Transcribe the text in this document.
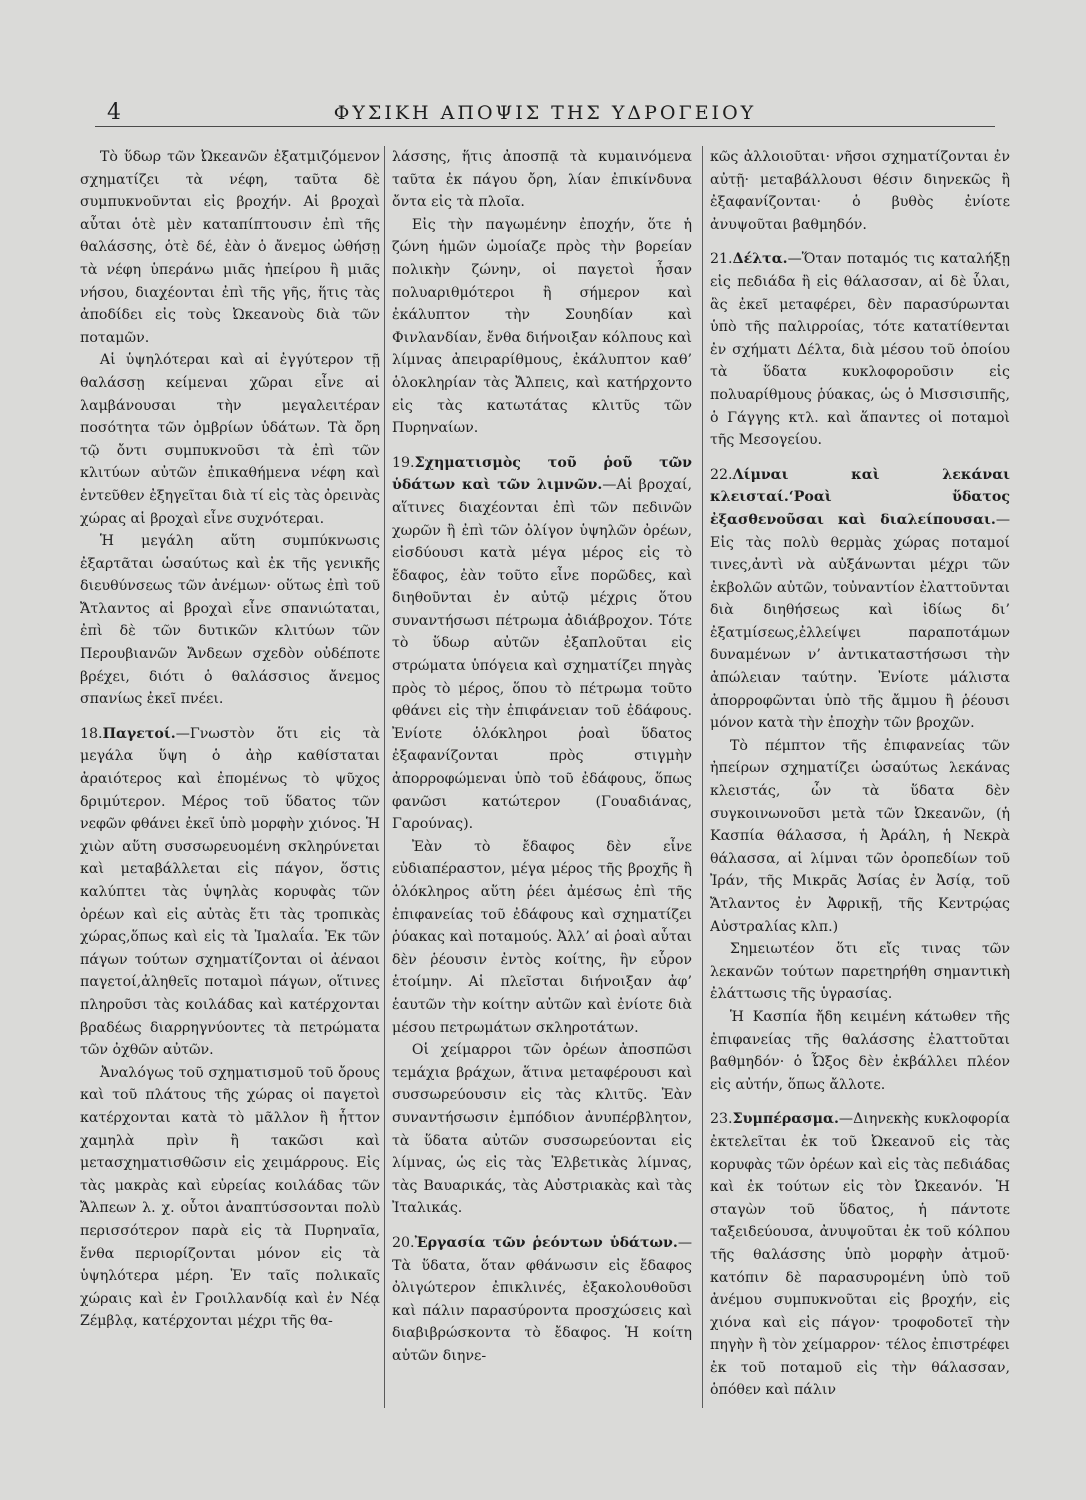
4	ΦΥΣΙΚΗ ΑΠΟΨΙΣ ΤΗΣ ΥΔΡΟΓΕΙΟΥ

Τὸ ὕδωρ τῶν Ὠκεανῶν ἐξατμιζόμενον σχηματίζει τὰ νέφη, ταῦτα δὲ συμπυκνοῦνται εἰς βροχήν. Αἱ βροχαὶ αὗται ὁτὲ μὲν καταπίπτουσιν ἐπὶ τῆς θαλάσσης, ὁτὲ δέ, ἐὰν ὁ ἄνεμος ὠθήσῃ τὰ νέφη ὑπεράνω μιᾶς ἠπείρου ἢ μιᾶς νήσου, διαχέονται ἐπὶ τῆς γῆς, ἥτις τὰς ἀποδίδει εἰς τοὺς Ὠκεανοὺς διὰ τῶν ποταμῶν.

Αἱ ὑψηλότεραι καὶ αἱ ἐγγύτερον τῇ θαλάσσῃ κείμεναι χῶραι εἶνε αἱ λαμβάνουσαι τὴν μεγαλειτέραν ποσότητα τῶν ὀμβρίων ὑδάτων. Τὰ ὄρη τῷ ὄντι συμπυκνοῦσι τὰ ἐπὶ τῶν κλιτύων αὐτῶν ἐπικαθήμενα νέφη καὶ ἐντεῦθεν ἐξηγεῖται διὰ τί εἰς τὰς ὀρεινὰς χώρας αἱ βροχαὶ εἶνε συχνότεραι.

Ἡ μεγάλη αὕτη συμπύκνωσις ἐξαρτᾶται ὡσαύτως καὶ ἐκ τῆς γενικῆς διευθύνσεως τῶν ἀνέμων· οὕτως ἐπὶ τοῦ Ἄτλαντος αἱ βροχαὶ εἶνε σπανιώταται, ἐπὶ δὲ τῶν δυτικῶν κλιτύων τῶν Περουβιανῶν Ἄνδεων σχεδὸν οὐδέποτε βρέχει, διότι ὁ θαλάσσιος ἄνεμος σπανίως ἐκεῖ πνέει.

18.Παγετοί.—Γνωστὸν ὅτι εἰς τὰ μεγάλα ὕψη ὁ ἀὴρ καθίσταται ἀραιότερος καὶ ἐπομένως τὸ ψῦχος δριμύτερον. Μέρος τοῦ ὕδατος τῶν νεφῶν φθάνει ἐκεῖ ὑπὸ μορφὴν χιόνος. Ἡ χιὼν αὕτη συσσωρευομένη σκληρύνεται καὶ μεταβάλλεται εἰς πάγον, ὅστις καλύπτει τὰς ὑψηλὰς κορυφὰς τῶν ὀρέων καὶ εἰς αὐτὰς ἔτι τὰς τροπικὰς χώρας,ὅπως καὶ εἰς τὰ Ἰμαλαΐα. Ἐκ τῶν πάγων τούτων σχηματίζονται οἱ ἀέναοι παγετοί,ἀληθεῖς ποταμοὶ πάγων, οἵτινες πληροῦσι τὰς κοιλάδας καὶ κατέρχονται βραδέως διαρρηγνύοντες τὰ πετρώματα τῶν ὀχθῶν αὐτῶν.

Ἀναλόγως τοῦ σχηματισμοῦ τοῦ ὄρους καὶ τοῦ πλάτους τῆς χώρας οἱ παγετοὶ κατέρχονται κατὰ τὸ μᾶλλον ἢ ἧττον χαμηλὰ πρὶν ἢ τακῶσι καὶ μετασχηματισθῶσιν εἰς χειμάρρους. Εἰς τὰς μακρὰς καὶ εὐρείας κοιλάδας τῶν Ἄλπεων λ. χ. οὗτοι ἀναπτύσσονται πολὺ περισσότερον παρὰ εἰς τὰ Πυρηναῖα, ἔνθα περιορίζονται μόνον εἰς τὰ ὑψηλότερα μέρη. Ἐν ταῖς πολικαῖς χώραις καὶ ἐν Γροιλλανδίᾳ καὶ ἐν Νέᾳ Ζέμβλᾳ, κατέρχονται μέχρι τῆς θα-

λάσσης, ἥτις ἀποσπᾷ τὰ κυμαινόμενα ταῦτα ἐκ πάγου ὄρη, λίαν ἐπικίνδυνα ὄντα εἰς τὰ πλοῖα.

Εἰς τὴν παγωμένην ἐποχήν, ὅτε ἡ ζώνη ἡμῶν ὡμοίαζε πρὸς τὴν βορείαν πολικὴν ζώνην, οἱ παγετοὶ ἦσαν πολυαριθμότεροι ἢ σήμερον καὶ ἐκάλυπτον τὴν Σουηδίαν καὶ Φινλανδίαν, ἔνθα διήνοιξαν κόλπους καὶ λίμνας ἀπειραρίθμους, ἐκάλυπτον καθ’ ὁλοκληρίαν τὰς Ἄλπεις, καὶ κατήρχοντο εἰς τὰς κατωτάτας κλιτῦς τῶν Πυρηναίων.

19.Σχηματισμὸς τοῦ ῥοῦ τῶν ὑδάτων καὶ τῶν λιμνῶν.—Αἱ βροχαί, αἵτινες διαχέονται ἐπὶ τῶν πεδινῶν χωρῶν ἢ ἐπὶ τῶν ὀλίγον ὑψηλῶν ὀρέων, εἰσδύουσι κατὰ μέγα μέρος εἰς τὸ ἔδαφος, ἐὰν τοῦτο εἶνε πορῶδες, καὶ διηθοῦνται ἐν αὐτῷ μέχρις ὅτου συναντήσωσι πέτρωμα ἀδιάβροχον. Τότε τὸ ὕδωρ αὐτῶν ἐξαπλοῦται εἰς στρώματα ὑπόγεια καὶ σχηματίζει πηγὰς πρὸς τὸ μέρος, ὅπου τὸ πέτρωμα τοῦτο φθάνει εἰς τὴν ἐπιφάνειαν τοῦ ἐδάφους. Ἐνίοτε ὁλόκληροι ῥοαὶ ὕδατος ἐξαφανίζονται πρὸς στιγμὴν ἀπορροφώμεναι ὑπὸ τοῦ ἐδάφους, ὅπως φανῶσι κατώτερον (Γουαδιάνας, Γαρούνας).

Ἐὰν τὸ ἔδαφος δὲν εἶνε εὐδιαπέραστον, μέγα μέρος τῆς βροχῆς ἢ ὁλόκληρος αὕτη ῥέει ἀμέσως ἐπὶ τῆς ἐπιφανείας τοῦ ἐδάφους καὶ σχηματίζει ῥύακας καὶ ποταμούς. Ἀλλ’ αἱ ῥοαὶ αὗται δὲν ῥέουσιν ἐντὸς κοίτης, ἣν εὗρον ἑτοίμην. Αἱ πλεῖσται διήνοιξαν ἀφ’ ἑαυτῶν τὴν κοίτην αὐτῶν καὶ ἐνίοτε διὰ μέσου πετρωμάτων σκληροτάτων.

Οἱ χείμαρροι τῶν ὀρέων ἀποσπῶσι τεμάχια βράχων, ἅτινα μεταφέρουσι καὶ συσσωρεύουσιν εἰς τὰς κλιτῦς. Ἐὰν συναντήσωσιν ἐμπόδιον ἀνυπέρβλητον, τὰ ὕδατα αὐτῶν συσσωρεύονται εἰς λίμνας, ὡς εἰς τὰς Ἐλβετικὰς λίμνας, τὰς Βαυαρικάς, τὰς Αὐστριακὰς καὶ τὰς Ἰταλικάς.

20.Ἐργασία τῶν ῥεόντων ὑδάτων.—Τὰ ὕδατα, ὅταν φθάνωσιν εἰς ἔδαφος ὀλιγώτερον ἐπικλινές, ἐξακολουθοῦσι καὶ πάλιν παρασύροντα προσχώσεις καὶ διαβιβρώσκοντα τὸ ἔδαφος. Ἡ κοίτη αὐτῶν διηνε-

κῶς ἀλλοιοῦται· νῆσοι σχηματίζονται ἐν αὐτῇ· μεταβάλλουσι θέσιν διηνεκῶς ἢ ἐξαφανίζονται· ὁ βυθὸς ἐνίοτε ἀνυψοῦται βαθμηδόν.

21.Δέλτα.—Ὅταν ποταμός τις καταλήξῃ εἰς πεδιάδα ἢ εἰς θάλασσαν, αἱ δὲ ὗλαι, ἃς ἐκεῖ μεταφέρει, δὲν παρασύρωνται ὑπὸ τῆς παλιρροίας, τότε κατατίθενται ἐν σχήματι Δέλτα, διὰ μέσου τοῦ ὁποίου τὰ ὕδατα κυκλοφοροῦσιν εἰς πολυαρίθμους ῥύακας, ὡς ὁ Μισσισιπῆς, ὁ Γάγγης κτλ. καὶ ἅπαντες οἱ ποταμοὶ τῆς Μεσογείου.

22.Λίμναι καὶ λεκάναι κλεισταί.‘Ροαὶ ὕδατος ἐξασθενοῦσαι καὶ διαλείπουσαι.—Εἰς τὰς πολὺ θερμὰς χώρας ποταμοί τινες,ἀντὶ νὰ αὐξάνωνται μέχρι τῶν ἐκβολῶν αὐτῶν, τοὐναντίον ἐλαττοῦνται διὰ διηθήσεως καὶ ἰδίως δι’ ἐξατμίσεως,ἐλλείψει παραποτάμων δυναμένων ν’ ἀντικαταστήσωσι τὴν ἀπώλειαν ταύτην. Ἐνίοτε μάλιστα ἀπορροφῶνται ὑπὸ τῆς ἄμμου ἢ ῥέουσι μόνον κατὰ τὴν ἐποχὴν τῶν βροχῶν.

Τὸ πέμπτον τῆς ἐπιφανείας τῶν ἠπείρων σχηματίζει ὡσαύτως λεκάνας κλειστάς, ὧν τὰ ὕδατα δὲν συγκοινωνοῦσι μετὰ τῶν Ὠκεανῶν, (ἡ Κασπία θάλασσα, ἡ Ἀράλη, ἡ Νεκρὰ θάλασσα, αἱ λίμναι τῶν ὀροπεδίων τοῦ Ἰράν, τῆς Μικρᾶς Ἀσίας ἐν Ἀσίᾳ, τοῦ Ἄτλαντος ἐν Ἀφρικῇ, τῆς Κεντρῴας Αὐστραλίας κλπ.)

Σημειωτέον ὅτι εἴς τινας τῶν λεκανῶν τούτων παρετηρήθη σημαντικὴ ἐλάττωσις τῆς ὑγρασίας.

Ἡ Κασπία ἤδη κειμένη κάτωθεν τῆς ἐπιφανείας τῆς θαλάσσης ἐλαττοῦται βαθμηδόν· ὁ Ὦξος δὲν ἐκβάλλει πλέον εἰς αὐτήν, ὅπως ἄλλοτε.

23.Συμπέρασμα.—Διηνεκὴς κυκλοφορία ἐκτελεῖται ἐκ τοῦ Ὠκεανοῦ εἰς τὰς κορυφὰς τῶν ὀρέων καὶ εἰς τὰς πεδιάδας καὶ ἐκ τούτων εἰς τὸν Ὠκεανόν. Ἡ σταγὼν τοῦ ὕδατος, ἡ πάντοτε ταξειδεύουσα, ἀνυψοῦται ἐκ τοῦ κόλπου τῆς θαλάσσης ὑπὸ μορφὴν ἀτμοῦ· κατόπιν δὲ παρασυρομένη ὑπὸ τοῦ ἀνέμου συμπυκνοῦται εἰς βροχήν, εἰς χιόνα καὶ εἰς πάγον· τροφοδοτεῖ τὴν πηγὴν ἢ τὸν χείμαρρον· τέλος ἐπιστρέφει ἐκ τοῦ ποταμοῦ εἰς τὴν θάλασσαν, ὁπόθεν καὶ πάλιν
